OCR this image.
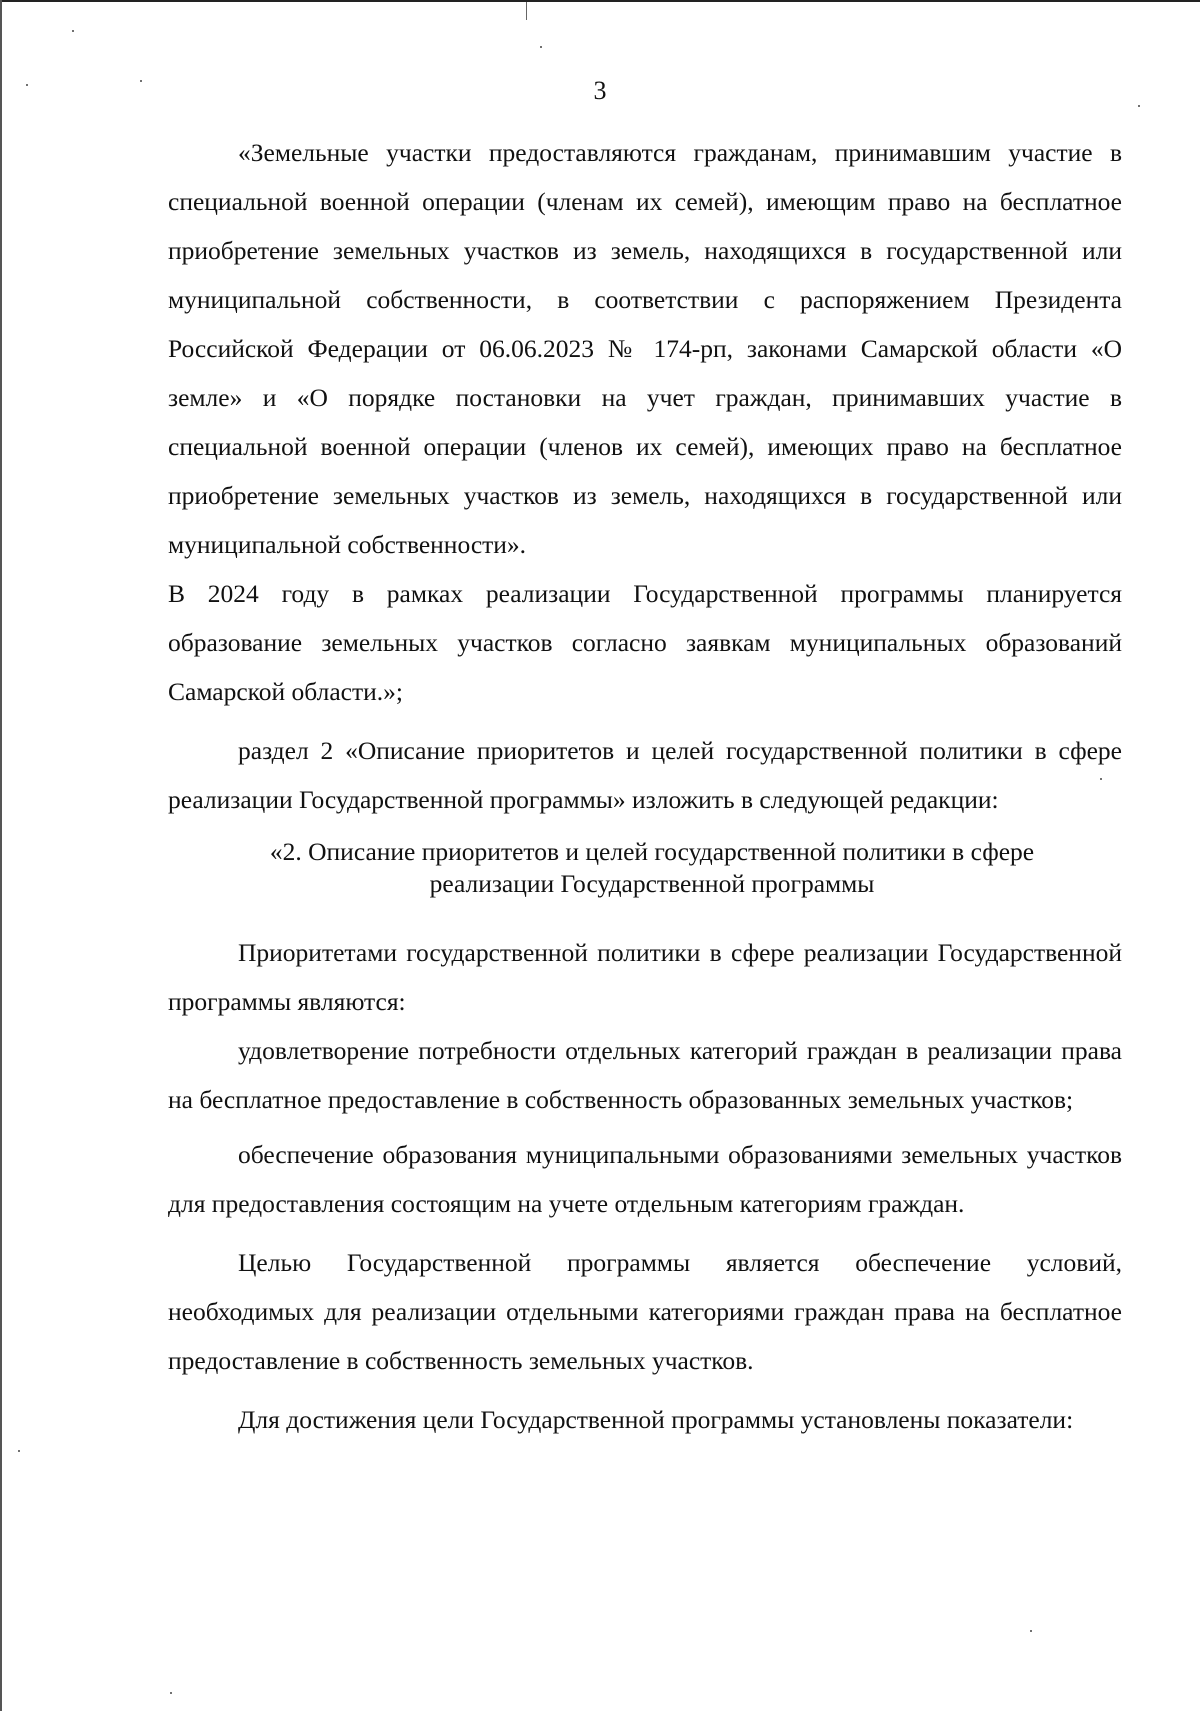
3

«Земельные участки предоставляются гражданам, принимавшим участие в специальной военной операции (членам их семей), имеющим право на бесплатное приобретение земельных участков из земель, находящихся в государственной или муниципальной собственности, в соответствии с распоряжением Президента Российской Федерации от 06.06.2023 № 174-рп, законами Самарской области «О земле» и «О порядке постановки на учет граждан, принимавших участие в специальной военной операции (членов их семей), имеющих право на бесплатное приобретение земельных участков из земель, находящихся в государственной или муниципальной собственности».

В 2024 году в рамках реализации Государственной программы планируется образование земельных участков согласно заявкам муниципальных образований Самарской области.»;

раздел 2 «Описание приоритетов и целей государственной политики в сфере реализации Государственной программы» изложить в следующей редакции:

«2. Описание приоритетов и целей государственной политики в сфере
реализации Государственной программы

Приоритетами государственной политики в сфере реализации Государственной программы являются:

удовлетворение потребности отдельных категорий граждан в реализации права на бесплатное предоставление в собственность образованных земельных участков;

обеспечение образования муниципальными образованиями земельных участков для предоставления состоящим на учете отдельным категориям граждан.

Целью Государственной программы является обеспечение условий, необходимых для реализации отдельными категориями граждан права на бесплатное предоставление в собственность земельных участков.

Для достижения цели Государственной программы установлены показатели:
